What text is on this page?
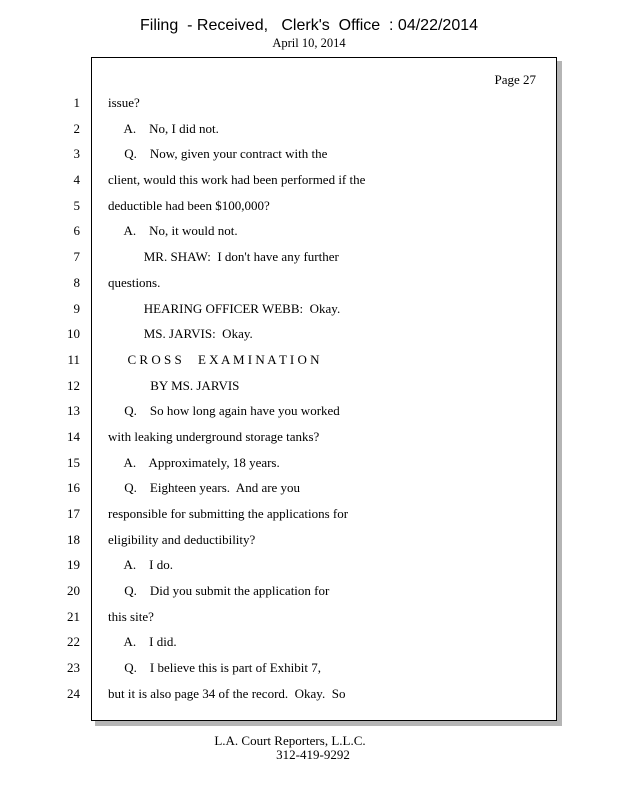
Filing  - Received,   Clerk's  Office  : 04/22/2014
April 10, 2014
Page 27
1 issue?
2 A.    No, I did not.
3 Q.    Now, given your contract with the
4 client, would this work had been performed if the
5 deductible had been $100,000?
6 A.    No, it would not.
7 MR. SHAW:  I don't have any further
8 questions.
9 HEARING OFFICER WEBB:  Okay.
10 MS. JARVIS:  Okay.
11 C R O S S     E X A M I N A T I O N
12 BY MS. JARVIS
13 Q.    So how long again have you worked
14 with leaking underground storage tanks?
15 A.    Approximately, 18 years.
16 Q.    Eighteen years.  And are you
17 responsible for submitting the applications for
18 eligibility and deductibility?
19 A.    I do.
20 Q.    Did you submit the application for
21 this site?
22 A.    I did.
23 Q.    I believe this is part of Exhibit 7,
24 but it is also page 34 of the record.  Okay.  So
L.A. Court Reporters, L.L.C.
312-419-9292
